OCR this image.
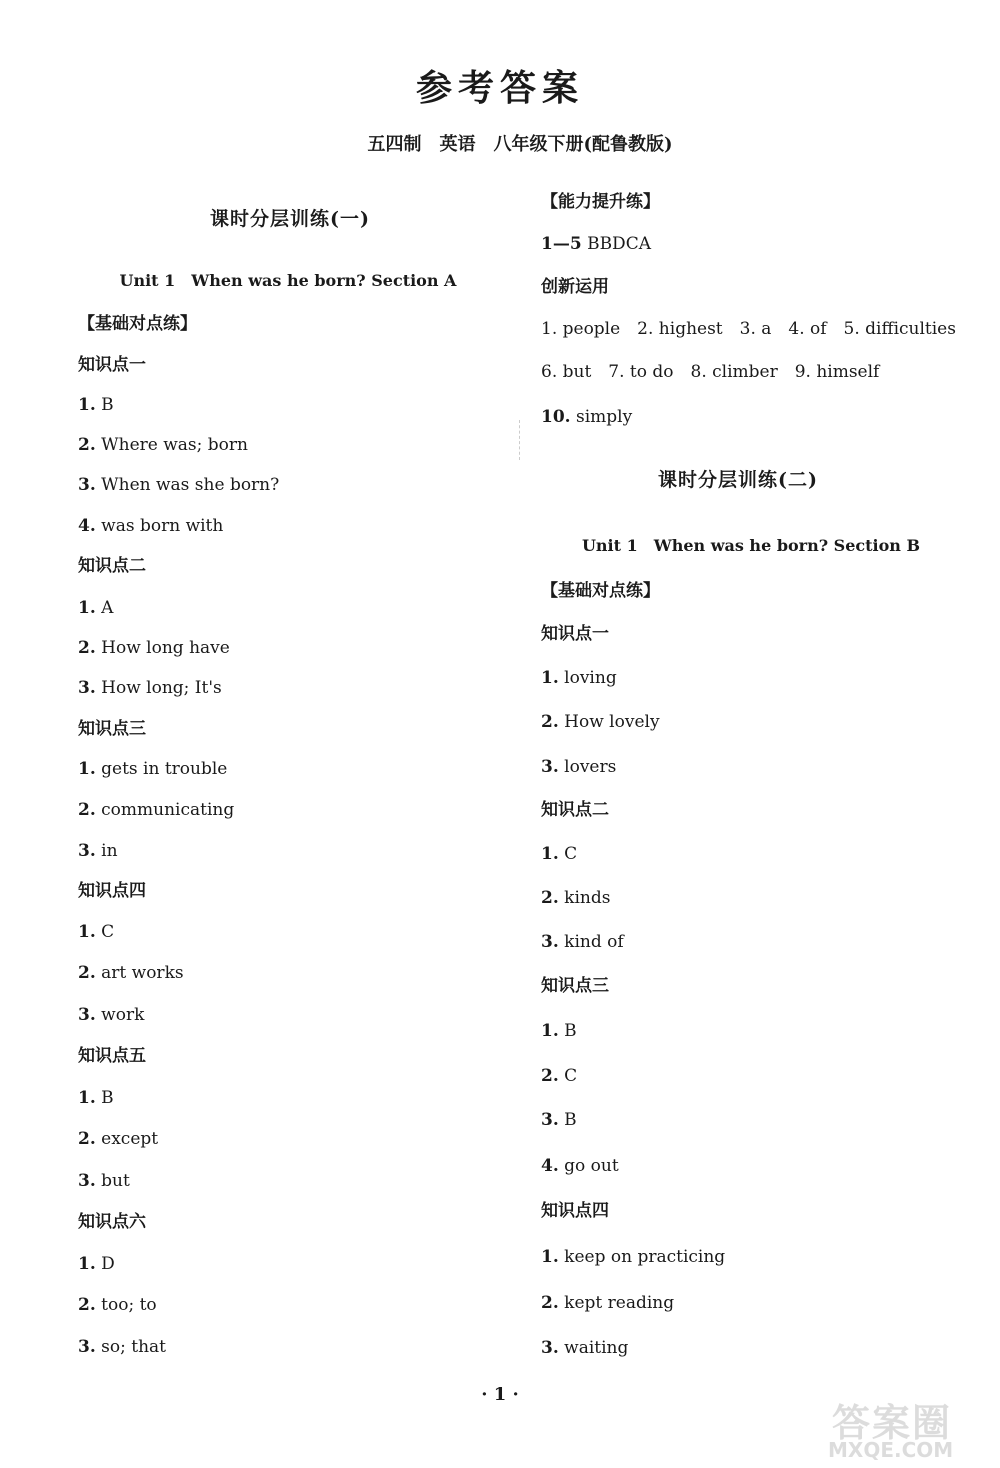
参考答案
五四制　英语　八年级下册(配鲁教版)
课时分层训练(一)
Unit 1　When was he born? Section A
【基础对点练】
知识点一
1. B
2. Where was; born
3. When was she born?
4. was born with
知识点二
1. A
2. How long have
3. How long; It's
知识点三
1. gets in trouble
2. communicating
3. in
知识点四
1. C
2. art works
3. work
知识点五
1. B
2. except
3. but
知识点六
1. D
2. too; to
3. so; that
【能力提升练】
1—5 BBDCA
创新运用
1. people　2. highest　3. a　4. of　5. difficulties
6. but　7. to do　8. climber　9. himself
10. simply
课时分层训练(二)
Unit 1　When was he born? Section B
【基础对点练】
知识点一
1. loving
2. How lovely
3. lovers
知识点二
1. C
2. kinds
3. kind of
知识点三
1. B
2. C
3. B
4. go out
知识点四
1. keep on practicing
2. kept reading
3. waiting
· 1 ·
答案圈
MXQE.COM
